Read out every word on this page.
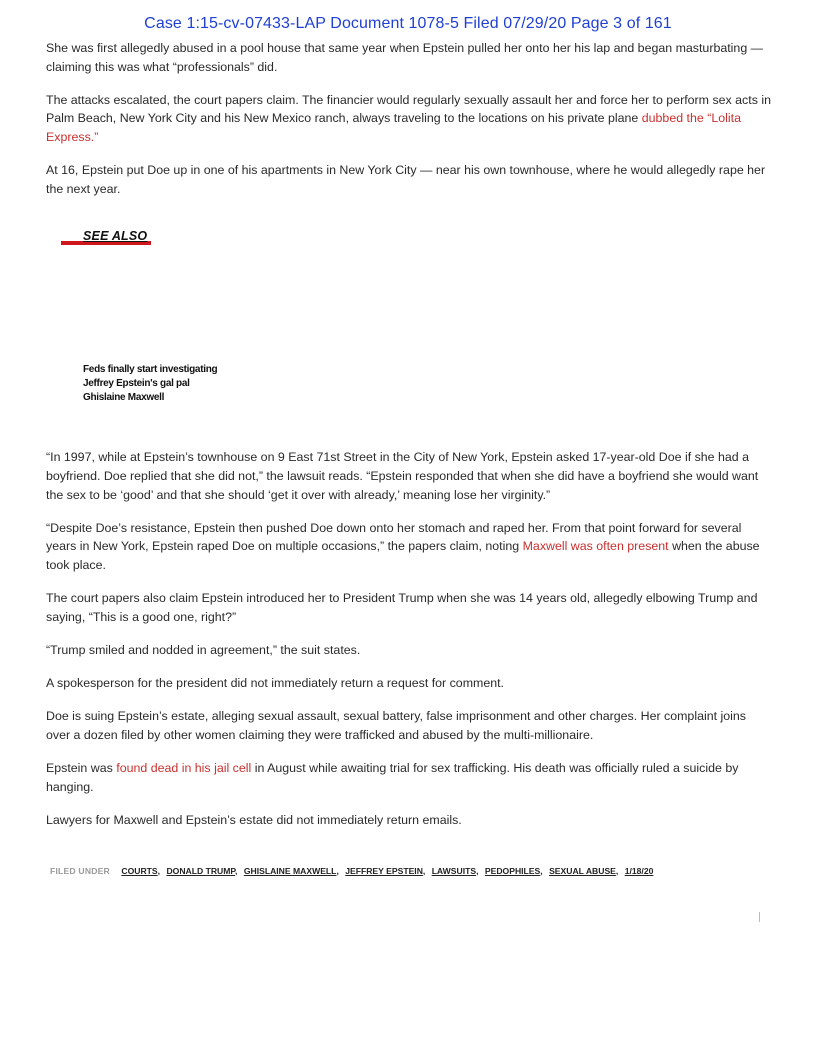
Case 1:15-cv-07433-LAP Document 1078-5 Filed 07/29/20 Page 3 of 161

She was first allegedly abused in a pool house that same year when Epstein pulled her onto her his lap and began masturbating — claiming this was what “professionals” did.

The attacks escalated, the court papers claim. The financier would regularly sexually assault her and force her to perform sex acts in Palm Beach, New York City and his New Mexico ranch, always traveling to the locations on his private plane dubbed the “Lolita Express.”

At 16, Epstein put Doe up in one of his apartments in New York City — near his own townhouse, where he would allegedly rape her the next year.

“In 1997, while at Epstein’s townhouse on 9 East 71st Street in the City of New York, Epstein asked 17-year-old Doe if she had a boyfriend. Doe replied that she did not,” the lawsuit reads. “Epstein responded that when she did have a boyfriend she would want the sex to be ‘good’ and that she should ‘get it over with already,’ meaning lose her virginity.”

“Despite Doe’s resistance, Epstein then pushed Doe down onto her stomach and raped her. From that point forward for several years in New York, Epstein raped Doe on multiple occasions,” the papers claim, noting Maxwell was often present when the abuse took place.

The court papers also claim Epstein introduced her to President Trump when she was 14 years old, allegedly elbowing Trump and saying, “This is a good one, right?”

“Trump smiled and nodded in agreement,” the suit states.

A spokesperson for the president did not immediately return a request for comment.

Doe is suing Epstein’s estate, alleging sexual assault, sexual battery, false imprisonment and other charges. Her complaint joins over a dozen filed by other women claiming they were trafficked and abused by the multi-millionaire.

Epstein was found dead in his jail cell in August while awaiting trial for sex trafficking. His death was officially ruled a suicide by hanging.

Lawyers for Maxwell and Epstein’s estate did not immediately return emails.

SEE ALSO
Feds finally start investigating Jeffrey Epstein's gal pal Ghislaine Maxwell
FILED UNDER COURTS, DONALD TRUMP, GHISLAINE MAXWELL, JEFFREY EPSTEIN, LAWSUITS, PEDOPHILES, SEXUAL ABUSE, 1/18/20
